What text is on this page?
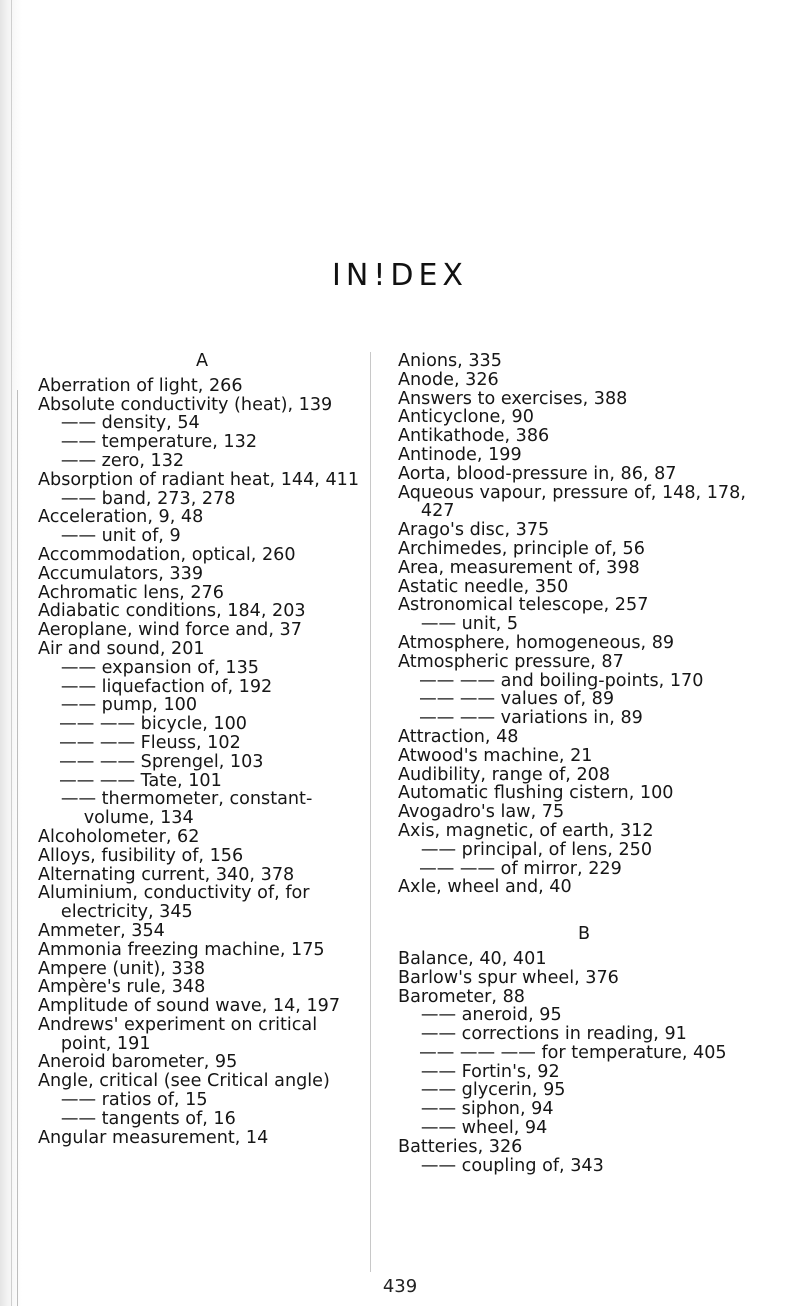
IN!DEX
A

Aberration of light, 266

Absolute conductivity (heat), 139

—— density, 54

—— temperature, 132

—— zero, 132

Absorption of radiant heat, 144, 411

—— band, 273, 278

Acceleration, 9, 48

—— unit of, 9

Accommodation, optical, 260

Accumulators, 339

Achromatic lens, 276

Adiabatic conditions, 184, 203

Aeroplane, wind force and, 37

Air and sound, 201

—— expansion of, 135

—— liquefaction of, 192

—— pump, 100

—— —— bicycle, 100

—— —— Fleuss, 102

—— —— Sprengel, 103

—— —— Tate, 101

—— thermometer, constant-volume, 134

Alcoholometer, 62

Alloys, fusibility of, 156

Alternating current, 340, 378

Aluminium, conductivity of, for electricity, 345

Ammeter, 354

Ammonia freezing machine, 175

Ampere (unit), 338

Ampère's rule, 348

Amplitude of sound wave, 14, 197

Andrews' experiment on critical point, 191

Aneroid barometer, 95

Angle, critical (see Critical angle)

—— ratios of, 15

—— tangents of, 16

Angular measurement, 14

Anions, 335

Anode, 326

Answers to exercises, 388

Anticyclone, 90

Antikathode, 386

Antinode, 199

Aorta, blood-pressure in, 86, 87

Aqueous vapour, pressure of, 148, 178, 427

Arago's disc, 375

Archimedes, principle of, 56

Area, measurement of, 398

Astatic needle, 350

Astronomical telescope, 257

—— unit, 5

Atmosphere, homogeneous, 89

Atmospheric pressure, 87

—— —— and boiling-points, 170

—— —— values of, 89

—— —— variations in, 89

Attraction, 48

Atwood's machine, 21

Audibility, range of, 208

Automatic flushing cistern, 100

Avogadro's law, 75

Axis, magnetic, of earth, 312

—— principal, of lens, 250

—— —— of mirror, 229

Axle, wheel and, 40

B

Balance, 40, 401

Barlow's spur wheel, 376

Barometer, 88

—— aneroid, 95

—— corrections in reading, 91

—— —— —— for temperature, 405

—— Fortin's, 92

—— glycerin, 95

—— siphon, 94

—— wheel, 94

Batteries, 326

—— coupling of, 343

439
